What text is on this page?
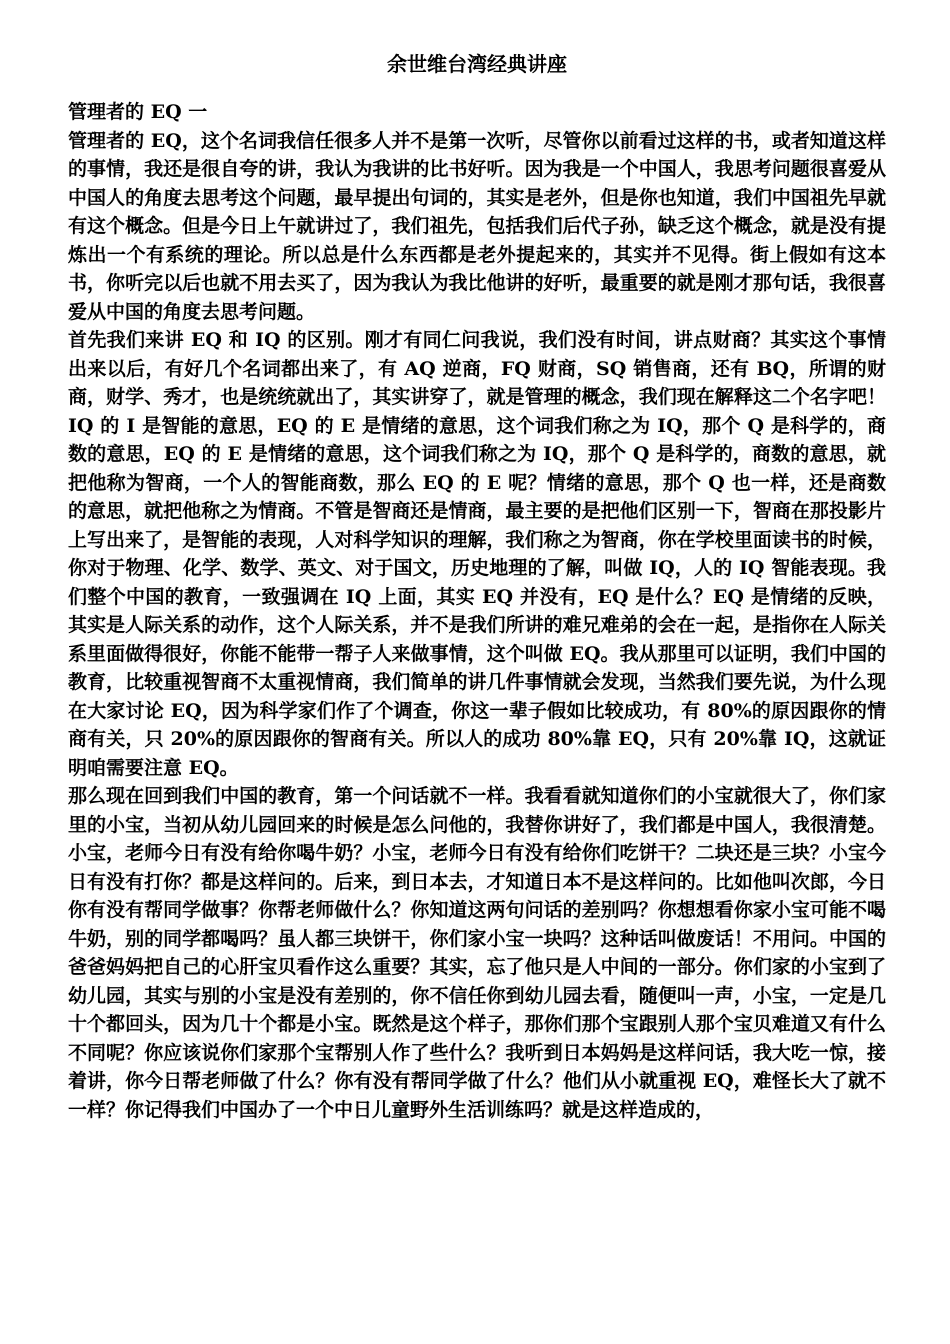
余世维台湾经典讲座
管理者的 EQ 一

管理者的 EQ，这个名词我信任很多人并不是第一次听，尽管你以前看过这样的书，或者知道这样的事情，我还是很自夸的讲，我认为我讲的比书好听。因为我是一个中国人，我思考问题很喜爱从中国人的角度去思考这个问题，最早提出句词的，其实是老外，但是你也知道，我们中国祖先早就有这个概念。但是今日上午就讲过了，我们祖先，包括我们后代子孙，缺乏这个概念，就是没有提炼出一个有系统的理论。所以总是什么东西都是老外提起来的，其实并不见得。街上假如有这本书，你听完以后也就不用去买了，因为我认为我比他讲的好听，最重要的就是刚才那句话，我很喜爱从中国的角度去思考问题。

首先我们来讲 EQ 和 IQ 的区别。刚才有同仁问我说，我们没有时间，讲点财商？其实这个事情出来以后，有好几个名词都出来了，有 AQ 逆商，FQ 财商，SQ 销售商，还有 BQ，所谓的财商，财学、秀才，也是统统就出了，其实讲穿了，就是管理的概念，我们现在解释这二个名字吧！IQ 的 I 是智能的意思，EQ 的 E 是情绪的意思，这个词我们称之为 IQ，那个 Q 是科学的，商数的意思，EQ 的 E 是情绪的意思，这个词我们称之为 IQ，那个 Q 是科学的，商数的意思，就把他称为智商，一个人的智能商数，那么 EQ 的 E 呢？情绪的意思，那个 Q 也一样，还是商数的意思，就把他称之为情商。不管是智商还是情商，最主要的是把他们区别一下，智商在那投影片上写出来了，是智能的表现，人对科学知识的理解，我们称之为智商，你在学校里面读书的时候，你对于物理、化学、数学、英文、对于国文，历史地理的了解，叫做 IQ，人的 IQ 智能表现。我们整个中国的教育，一致强调在 IQ 上面，其实 EQ 并没有，EQ 是什么？EQ 是情绪的反映，其实是人际关系的动作，这个人际关系，并不是我们所讲的难兄难弟的会在一起，是指你在人际关系里面做得很好，你能不能带一帮子人来做事情，这个叫做 EQ。我从那里可以证明，我们中国的教育，比较重视智商不太重视情商，我们简单的讲几件事情就会发现，当然我们要先说，为什么现在大家讨论 EQ，因为科学家们作了个调查，你这一辈子假如比较成功，有 80%的原因跟你的情商有关，只 20%的原因跟你的智商有关。所以人的成功 80%靠 EQ，只有 20%靠 IQ，这就证明咱需要注意 EQ。

那么现在回到我们中国的教育，第一个问话就不一样。我看看就知道你们的小宝就很大了，你们家里的小宝，当初从幼儿园回来的时候是怎么问他的，我替你讲好了，我们都是中国人，我很清楚。小宝，老师今日有没有给你喝牛奶？小宝，老师今日有没有给你们吃饼干？二块还是三块？小宝今日有没有打你？都是这样问的。后来，到日本去，才知道日本不是这样问的。比如他叫次郎，今日你有没有帮同学做事？你帮老师做什么？你知道这两句问话的差别吗？你想想看你家小宝可能不喝牛奶，别的同学都喝吗？虽人都三块饼干，你们家小宝一块吗？这种话叫做废话！不用问。中国的爸爸妈妈把自己的心肝宝贝看作这么重要？其实，忘了他只是人中间的一部分。你们家的小宝到了幼儿园，其实与别的小宝是没有差别的，你不信任你到幼儿园去看，随便叫一声，小宝，一定是几十个都回头，因为几十个都是小宝。既然是这个样子，那你们那个宝跟别人那个宝贝难道又有什么不同呢？你应该说你们家那个宝帮别人作了些什么？我听到日本妈妈是这样问话，我大吃一惊，接着讲，你今日帮老师做了什么？你有没有帮同学做了什么？他们从小就重视 EQ，难怪长大了就不一样？你记得我们中国办了一个中日儿童野外生活训练吗？就是这样造成的，
